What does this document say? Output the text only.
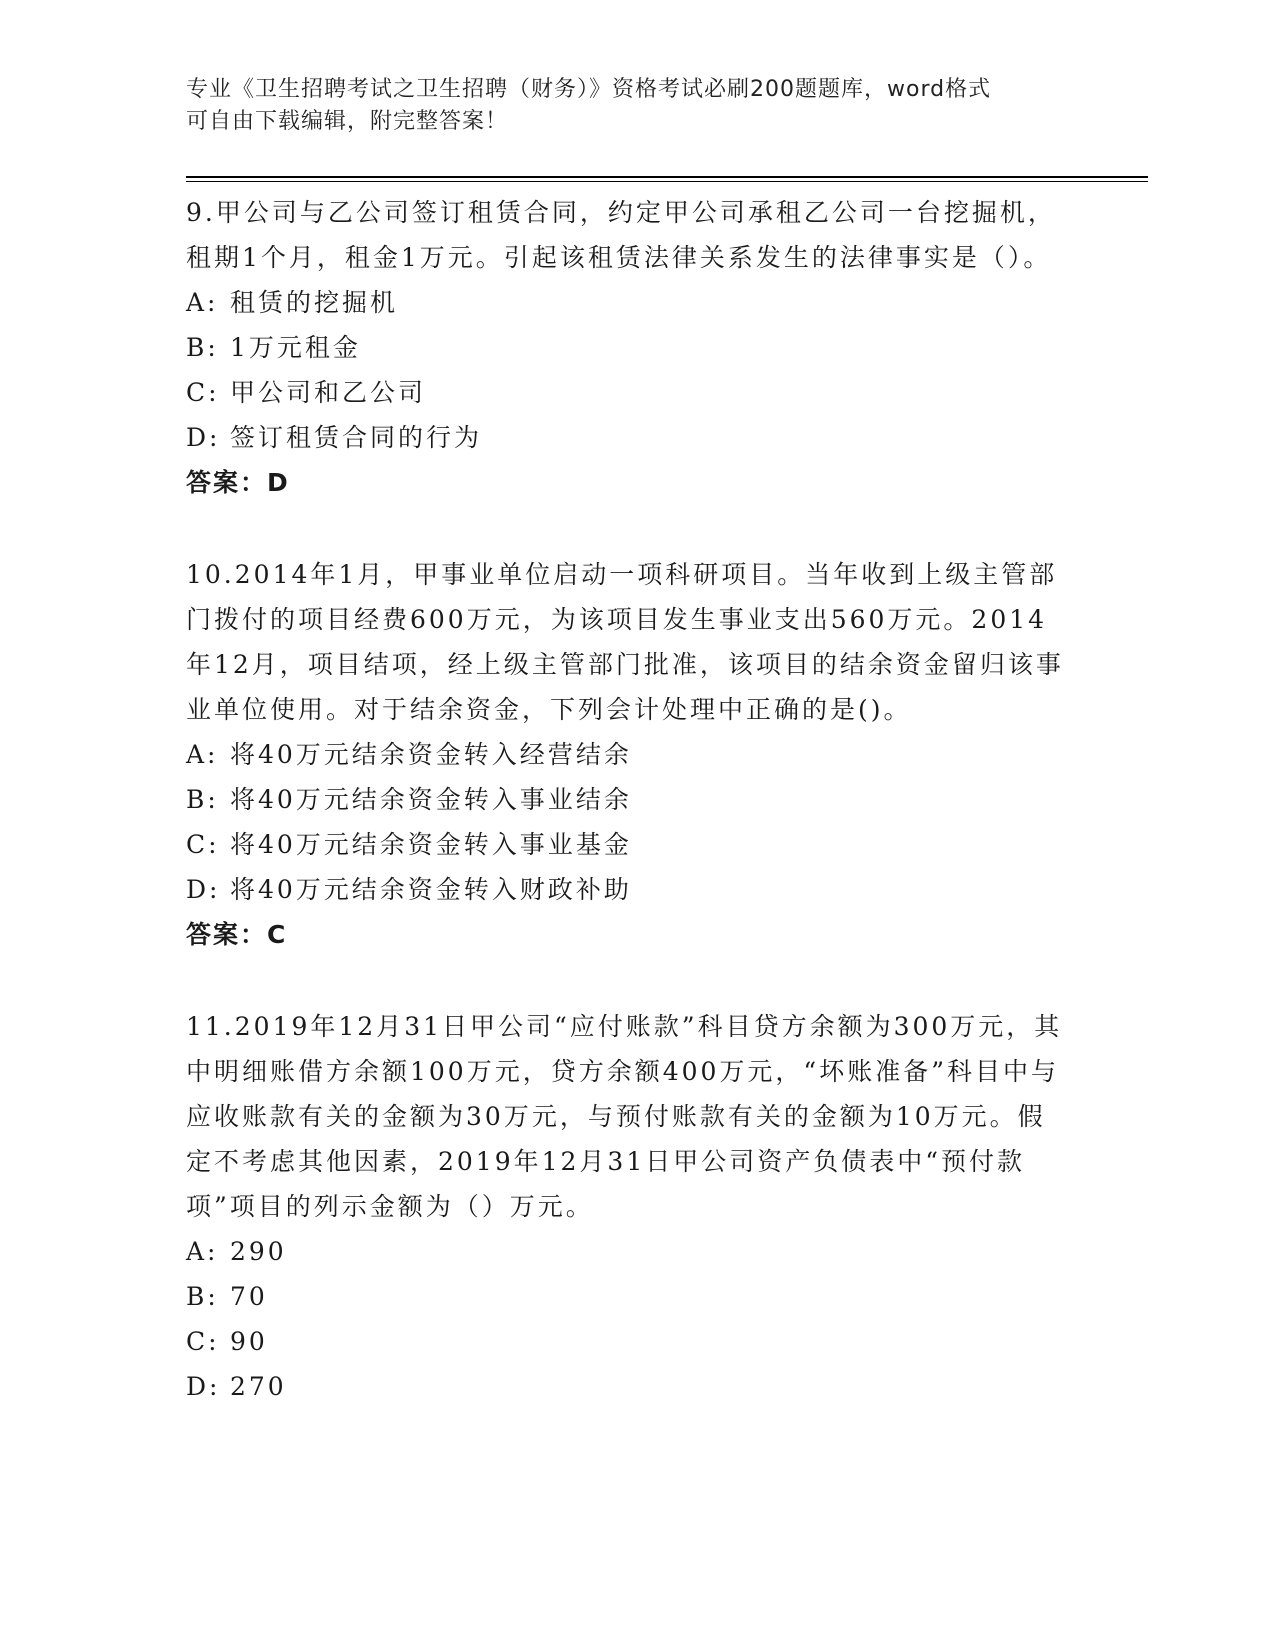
专业《卫生招聘考试之卫生招聘（财务）》资格考试必刷200题题库，word格式
可自由下载编辑，附完整答案！

9.甲公司与乙公司签订租赁合同，约定甲公司承租乙公司一台挖掘机，租期1个月，租金1万元。引起该租赁法律关系发生的法律事实是（）。

A: 租赁的挖掘机
B: 1万元租金
C: 甲公司和乙公司
D: 签订租赁合同的行为

答案：D

10.2014年1月，甲事业单位启动一项科研项目。当年收到上级主管部门拨付的项目经费600万元，为该项目发生事业支出560万元。2014年12月，项目结项，经上级主管部门批准，该项目的结余资金留归该事业单位使用。对于结余资金，下列会计处理中正确的是()。

A: 将40万元结余资金转入经营结余
B: 将40万元结余资金转入事业结余
C: 将40万元结余资金转入事业基金
D: 将40万元结余资金转入财政补助

答案：C

11.2019年12月31日甲公司“应付账款”科目贷方余额为300万元，其中明细账借方余额100万元，贷方余额400万元，“坏账准备”科目中与应收账款有关的金额为30万元，与预付账款有关的金额为10万元。假定不考虑其他因素，2019年12月31日甲公司资产负债表中“预付款项”项目的列示金额为（）万元。

A: 290
B: 70
C: 90
D: 270
